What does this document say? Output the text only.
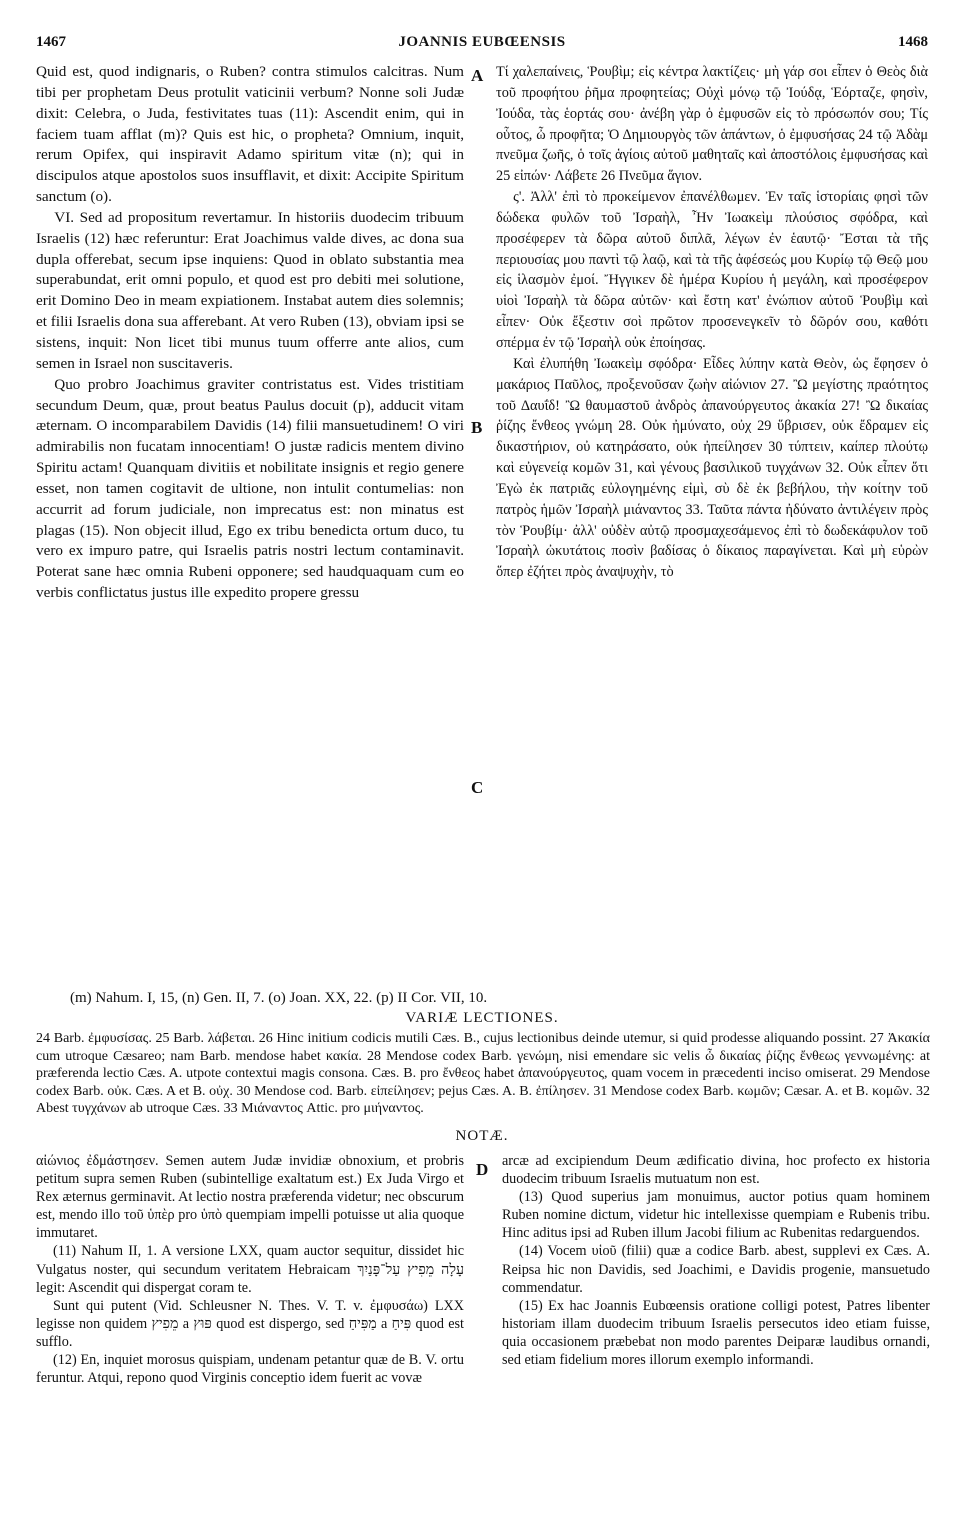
1467	JOANNIS EUBŒENSIS	1468

Quid est, quod indignaris, o Ruben? contra stimulos calcitras. Num tibi per prophetam Deus protulit vaticinii verbum? Nonne soli Judæ dixit: Celebra, o Juda, festivitates tuas (11): Ascendit enim, qui in faciem tuam afflat (m)? Quis est hic, o propheta? Omnium, inquit, rerum Opifex, qui inspiravit Adamo spiritum vitæ (n); qui in discipulos atque apostolos suos insufflavit, et dixit: Accipite Spiritum sanctum (o).

VI. Sed ad propositum revertamur. In historiis duodecim tribuum Israelis (12) hæc referuntur: Erat Joachimus valde dives, ac dona sua dupla offerebat, secum ipse inquiens: Quod in oblato substantia mea superabundat, erit omni populo, et quod est pro debiti mei solutione, erit Domino Deo in meam expiationem. Instabat autem dies solemnis; et filii Israelis dona sua afferebant. At vero Ruben (13), obviam ipsi se sistens, inquit: Non licet tibi munus tuum offerre ante alios, cum semen in Israel non suscitaveris.

Quo probro Joachimus graviter contristatus est. Vides tristitiam secundum Deum, quæ, prout beatus Paulus docuit (p), adducit vitam æternam. O incomparabilem Davidis (14) filii mansuetudinem! O viri admirabilis non fucatam innocentiam! O justæ radicis mentem divino Spiritu actam! Quanquam divitiis et nobilitate insignis et regio genere esset, non tamen cogitavit de ultione, non intulit contumelias: non accurrit ad forum judiciale, non imprecatus est: non minatus est plagas (15). Non objecit illud, Ego ex tribu benedicta ortum duco, tu vero ex impuro patre, qui Israelis patris nostri lectum contaminavit. Poterat sane hæc omnia Rubeni opponere; sed haudquaquam cum eo verbis conflictatus justus ille expedito propere gressu

A
B
C

Τί χαλεπαίνεις, Ῥουβὶμ; εἰς κέντρα λακτίζεις· μὴ γάρ σοι εἶπεν ὁ Θεὸς διὰ τοῦ προφήτου ῥῆμα προφητείας; Οὐχὶ μόνῳ τῷ Ἰούδᾳ, Ἑόρταζε, φησὶν, Ἰούδα, τὰς ἑορτάς σου· ἀνέβη γὰρ ὁ ἐμφυσῶν εἰς τὸ πρόσωπόν σου; Τίς οὗτος, ὦ προφῆτα; Ὁ Δημιουργὸς τῶν ἁπάντων, ὁ ἐμφυσήσας 24 τῷ Ἀδὰμ πνεῦμα ζωῆς, ὁ τοῖς ἁγίοις αὐτοῦ μαθηταῖς καὶ ἀποστόλοις ἐμφυσήσας καὶ 25 εἰπών· Λάβετε 26 Πνεῦμα ἅγιον.

ς'. Ἀλλ' ἐπὶ τὸ προκείμενον ἐπανέλθωμεν. Ἐν ταῖς ἱστορίαις φησὶ τῶν δώδεκα φυλῶν τοῦ Ἰσραὴλ, Ἦν Ἰωακεὶμ πλούσιος σφόδρα, καὶ προσέφερεν τὰ δῶρα αὐτοῦ διπλᾶ, λέγων ἐν ἑαυτῷ· Ἔσται τὰ τῆς περιουσίας μου παντὶ τῷ λαῷ, καὶ τὰ τῆς ἀφέσεώς μου Κυρίῳ τῷ Θεῷ μου εἰς ἱλασμὸν ἐμοί. Ἤγγικεν δὲ ἡμέρα Κυρίου ἡ μεγάλη, καὶ προσέφερον υἱοὶ Ἰσραὴλ τὰ δῶρα αὐτῶν· καὶ ἔστη κατ' ἐνώπιον αὐτοῦ Ῥουβὶμ καὶ εἶπεν· Οὐκ ἔξεστιν σοὶ πρῶτον προσενεγκεῖν τὸ δῶρόν σου, καθότι σπέρμα ἐν τῷ Ἰσραὴλ οὐκ ἐποίησας.

Καὶ ἐλυπήθη Ἰωακεὶμ σφόδρα· Εἶδες λύπην κατὰ Θεὸν, ὡς ἔφησεν ὁ μακάριος Παῦλος, προξενοῦσαν ζωὴν αἰώνιον 27. Ὢ μεγίστης πραότητος τοῦ Δαυΐδ! Ὢ θαυμαστοῦ ἀνδρὸς ἀπανούργευτος ἀκακία 27! Ὢ δικαίας ῥίζης ἔνθεος γνώμη 28. Οὐκ ἠμύνατο, οὐχ 29 ὕβρισεν, οὐκ ἔδραμεν εἰς δικαστήριον, οὐ κατηράσατο, οὐκ ἠπείλησεν 30 τύπτειν, καίπερ πλούτῳ καὶ εὐγενείᾳ κομῶν 31, καὶ γένους βασιλικοῦ τυγχάνων 32. Οὐκ εἶπεν ὅτι Ἐγὼ ἐκ πατριᾶς εὐλογημένης εἰμὶ, σὺ δὲ ἐκ βεβήλου, τὴν κοίτην τοῦ πατρὸς ἡμῶν Ἰσραὴλ μιάναντος 33. Ταῦτα πάντα ἠδύνατο ἀντιλέγειν πρὸς τὸν Ῥουβίμ· ἀλλ' οὐδὲν αὐτῷ προσμαχεσάμενος ἐπὶ τὸ δωδεκάφυλον τοῦ Ἰσραὴλ ὠκυτάτοις ποσὶν βαδίσας ὁ δίκαιος παραγίνεται. Καὶ μὴ εὑρὼν ὅπερ ἐζήτει πρὸς ἀναψυχὴν, τὸ

(m) Nahum. I, 15, (n) Gen. II, 7. (o) Joan. XX, 22. (p) II Cor. VII, 10.
VARIÆ LECTIONES.
24 Barb. ἐμφυσίσας. 25 Barb. λάβεται. 26 Hinc initium codicis mutili Cæs. B., cujus lectionibus deinde utemur, si quid prodesse aliquando possint. 27 Ἀκακία cum utroque Cæsareo; nam Barb. mendose habet κακία. 28 Mendose codex Barb. γενώμη, nisi emendare sic velis ὦ δικαίας ῥίζης ἔνθεως γεννωμένης: at præferenda lectio Cæs. A. utpote contextui magis consona. Cæs. B. pro ἔνθεος habet ἀπανούργευτος, quam vocem in præcedenti inciso omiserat. 29 Mendose codex Barb. οὐκ. Cæs. A et B. οὐχ. 30 Mendose cod. Barb. εἰπείλησεν; pejus Cæs. A. B. ἐπίλησεν. 31 Mendose codex Barb. κωμῶν; Cæsar. A. et B. κομῶν. 32 Abest τυγχάνων ab utroque Cæs. 33 Μιάναντος Attic. pro μιήναντος.
NOTÆ.

αἰώνιος ἐδμάστησεν. Semen autem Judæ invidiæ obnoxium, et probris petitum supra semen Ruben (subintellige exaltatum est.) Ex Juda Virgo et Rex æternus germinavit. At lectio nostra præferenda videtur; nec obscurum est, mendo illo τοῦ ὑπὲρ pro ὑπὸ quempiam impelli potuisse ut alia quoque immutaret.

(11) Nahum II, 1. A versione LXX, quam auctor sequitur, dissidet hic Vulgatus noster, qui secundum veritatem Hebraicam עָלָה מֵפִיץ עַל־פָּנַיִךְ legit: Ascendit qui dispergat coram te.

Sunt qui putent (Vid. Schleusner N. Thes. V. T. v. ἐμφυσάω) LXX legisse non quidem מֵפִיץ a פּוּץ quod est dispergo, sed מַפִּיחַ a פִּיחַ quod est sufflo.

(12) En, inquiet morosus quispiam, undenam petantur quæ de B. V. ortu feruntur. Atqui, repono quod Virginis conceptio idem fuerit ac vovæ

D arcæ ad excipiendum Deum ædificatio divina, hoc profecto ex historia duodecim tribuum Israelis mutuatum non est.

(13) Quod superius jam monuimus, auctor potius quam hominem Ruben nomine dictum, videtur hic intellexisse quempiam e Rubenis tribu. Hinc aditus ipsi ad Ruben illum Jacobi filium ac Rubenitas redarguendos.

(14) Vocem υἱοῦ (filii) quæ a codice Barb. abest, supplevi ex Cæs. A. Reipsa hic non Davidis, sed Joachimi, e Davidis progenie, mansuetudo commendatur.

(15) Ex hac Joannis Eubœensis oratione colligi potest, Patres libenter historiam illam duodecim tribuum Israelis persecutos ideo etiam fuisse, quia occasionem præbebat non modo parentes Deiparæ laudibus ornandi, sed etiam fidelium mores illorum exemplo informandi.
